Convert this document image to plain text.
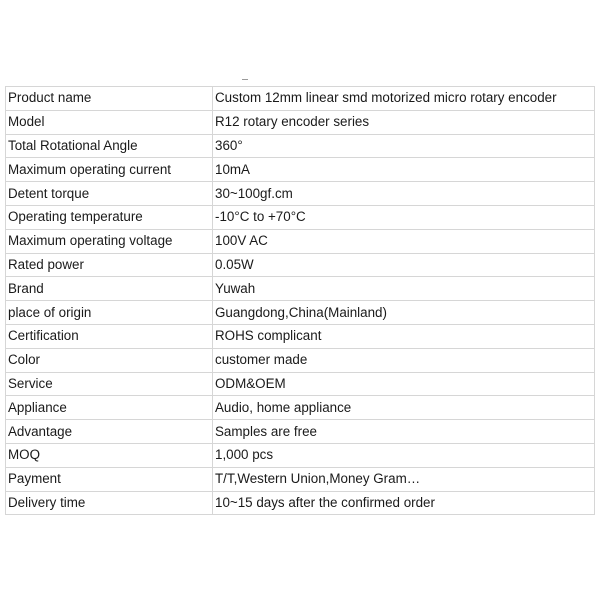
Product name	Custom 12mm linear smd motorized micro rotary encoder
Model	R12 rotary encoder series
Total Rotational Angle	360°
Maximum operating current	10mA
Detent torque	30~100gf.cm
Operating temperature	-10°C to +70°C
Maximum operating voltage	100V AC
Rated power	0.05W
Brand	Yuwah
place of origin	Guangdong,China(Mainland)
Certification	ROHS complicant
Color	customer made
Service	ODM&OEM
Appliance	Audio, home appliance
Advantage	Samples are free
MOQ	1,000 pcs
Payment	T/T,Western Union,Money Gram…
Delivery time	10~15 days after the confirmed order
